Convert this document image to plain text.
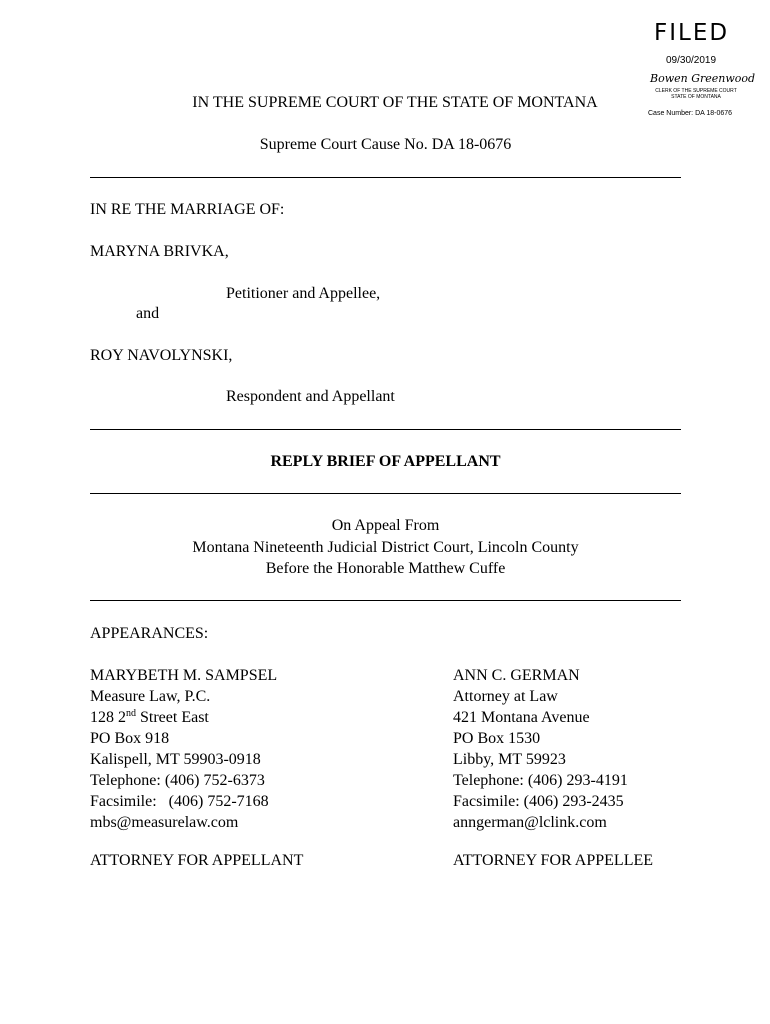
FILED
09/30/2019
Bowen Greenwood
CLERK OF THE SUPREME COURT
STATE OF MONTANA
Case Number: DA 18-0676
IN THE SUPREME COURT OF THE STATE OF MONTANA
Supreme Court Cause No. DA 18-0676
IN RE THE MARRIAGE OF:
MARYNA BRIVKA,
Petitioner and Appellee,
and
ROY NAVOLYNSKI,
Respondent and Appellant
REPLY BRIEF OF APPELLANT
On Appeal From
Montana Nineteenth Judicial District Court, Lincoln County
Before the Honorable Matthew Cuffe
APPEARANCES:
MARYBETH M. SAMPSEL
Measure Law, P.C.
128 2nd Street East
PO Box 918
Kalispell, MT 59903-0918
Telephone: (406) 752-6373
Facsimile:   (406) 752-7168
mbs@measurelaw.com
ATTORNEY FOR APPELLANT
ANN C. GERMAN
Attorney at Law
421 Montana Avenue
PO Box 1530
Libby, MT 59923
Telephone: (406) 293-4191
Facsimile: (406) 293-2435
anngerman@lclink.com
ATTORNEY FOR APPELLEE
